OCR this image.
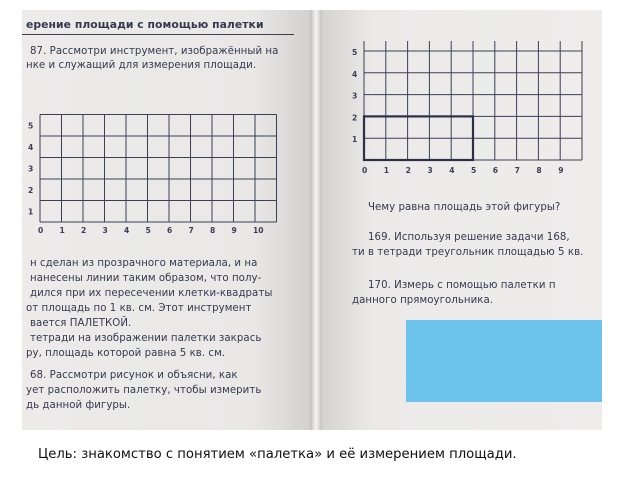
ерение площади с помощью палетки
87. Рассмотри инструмент, изображённый на
нке и служащий для измерения площади.
0 1 2 3 4 5 6 7 8 9 10
1
2
3
4
5
н сделан из прозрачного материала, и на
нанесены линии таким образом, что полу-
дился при их пересечении клетки-квадраты
от площадь по 1 кв. см. Этот инструмент
вается ПАЛЕТКОЙ.
тетради на изображении палетки закрась
ру, площадь которой равна 5 кв. см.
68. Рассмотри рисунок и объясни, как
ует расположить палетку, чтобы измерить
дь данной фигуры.
0 1 2 3 4 5 6 7 8 9
1
2
3
4
5
Чему равна площадь этой фигуры?
169. Используя решение задачи 168,
ти в тетради треугольник площадью 5 кв.
170. Измерь с помощью палетки п
данного прямоугольника.
Цель: знакомство с понятием «палетка» и её измерением площади.
